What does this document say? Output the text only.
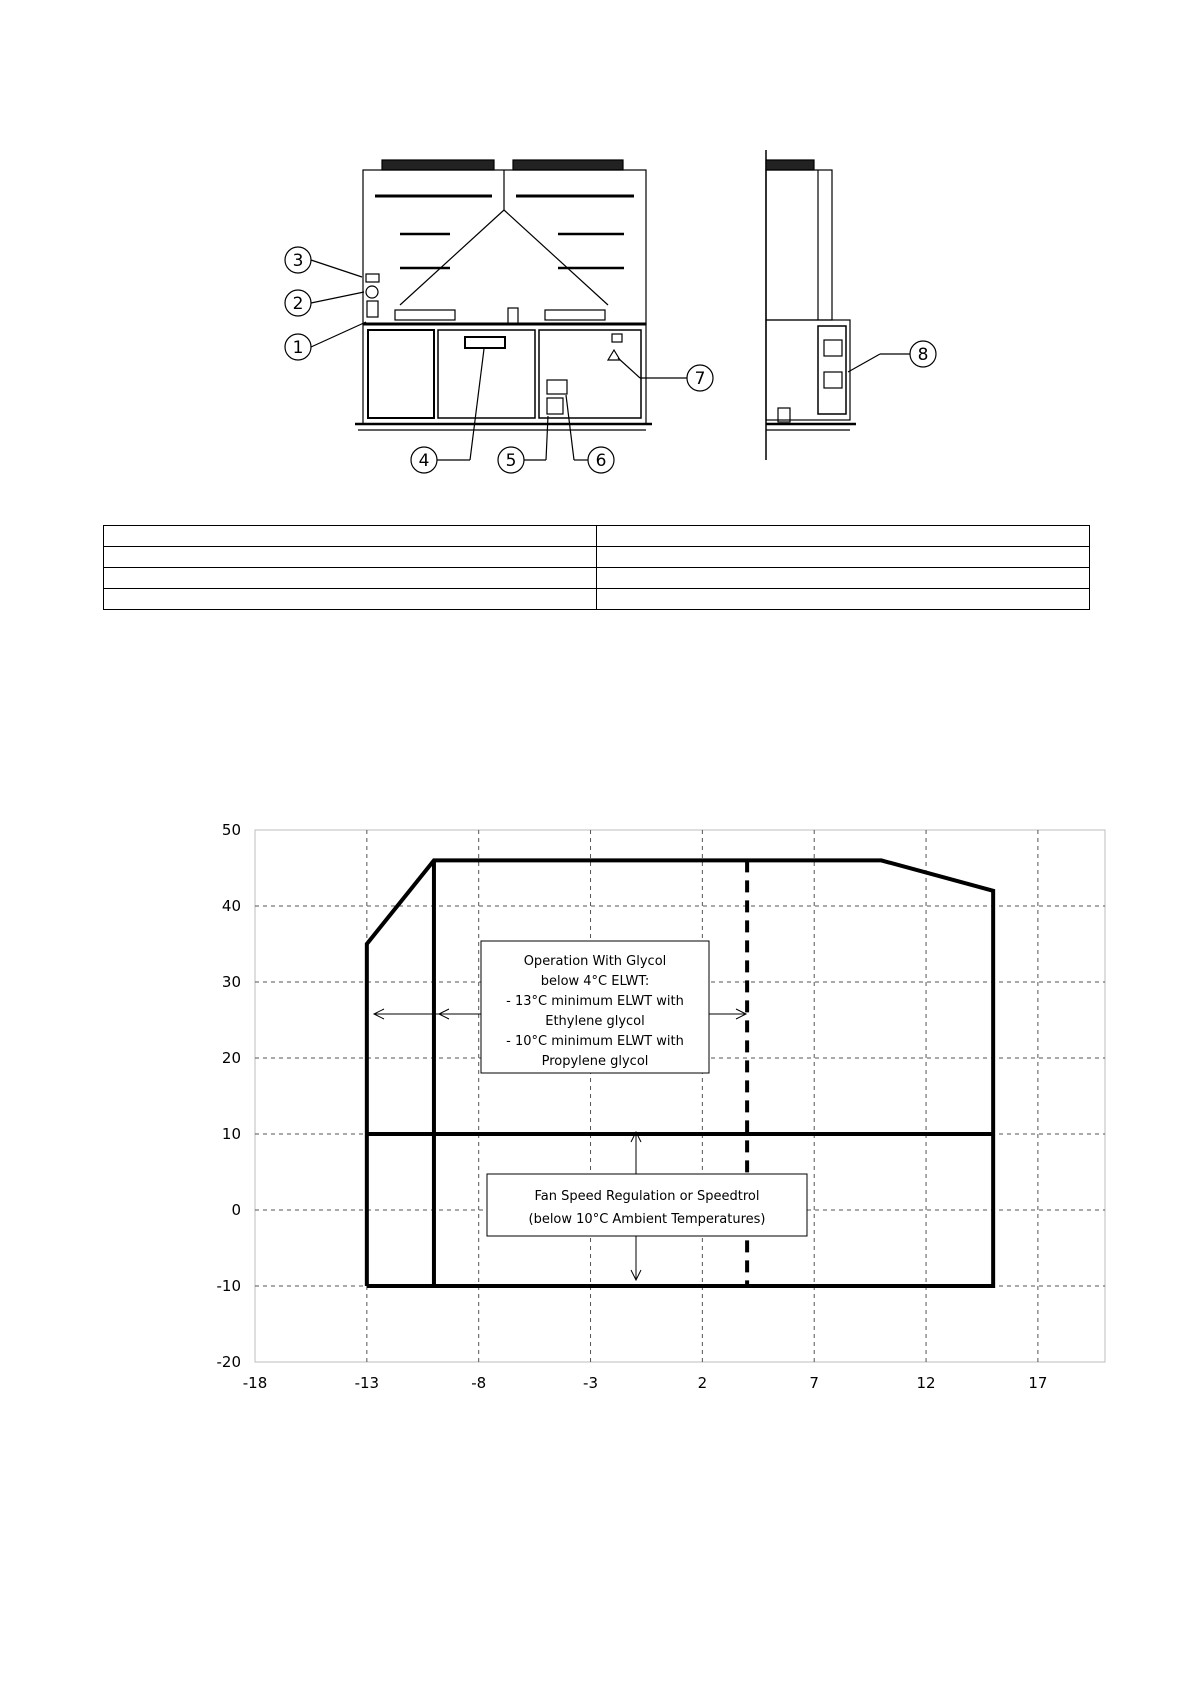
3
2
1
4	5	6
7
8

-18	-13	-8	-3	2	7	12	17
-20
-10
0
10
20
30
40
50
Operation With Glycol
below 4°C ELWT:
- 13°C minimum ELWT with
Ethylene glycol
- 10°C minimum ELWT with
Propylene glycol
Fan Speed Regulation or Speedtrol
(below 10°C Ambient Temperatures)
